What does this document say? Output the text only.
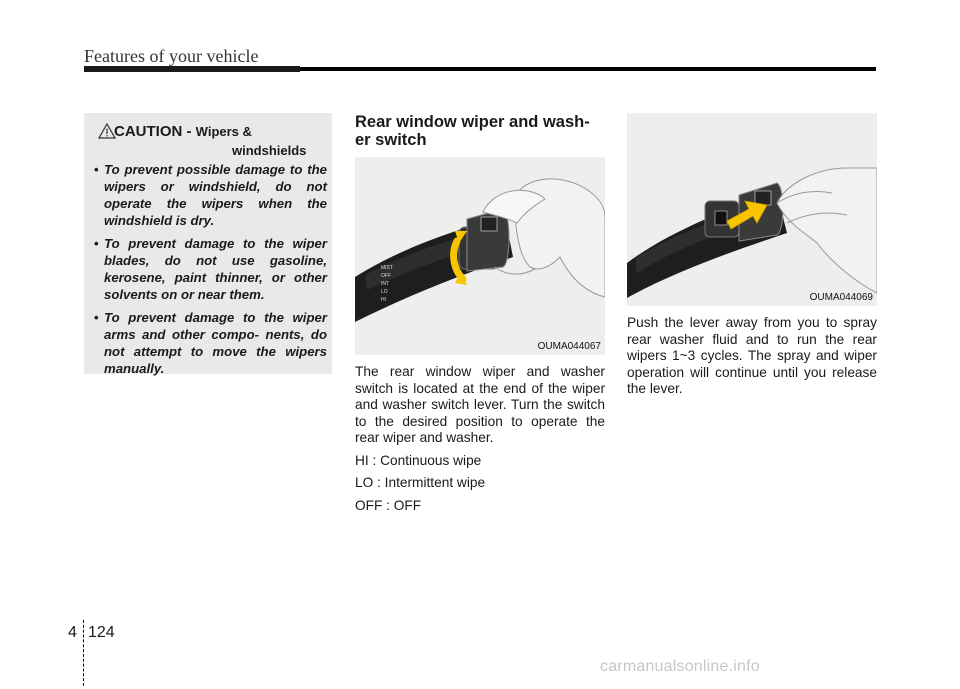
Features of your vehicle
CAUTION - Wipers &
windshields
• To prevent possible damage to the wipers or windshield, do not operate the wipers when the windshield is dry.
• To prevent damage to the wiper blades, do not use gasoline, kerosene, paint thinner, or other solvents on or near them.
• To prevent damage to the wiper arms and other compo- nents, do not attempt to move the wipers manually.
Rear window wiper and wash- er switch
MIST
OFF
INT
LO
HI
OUMA044067

The rear window wiper and washer switch is located at the end of the wiper and washer switch lever. Turn the switch to the desired position to operate the rear wiper and washer.

HI : Continuous wipe

LO : Intermittent wipe

OFF : OFF

OUMA044069

Push the lever away from you to spray rear washer fluid and to run the rear wipers 1~3 cycles. The spray and wiper operation will continue until you release the lever.

4 124
carmanualsonline.info
